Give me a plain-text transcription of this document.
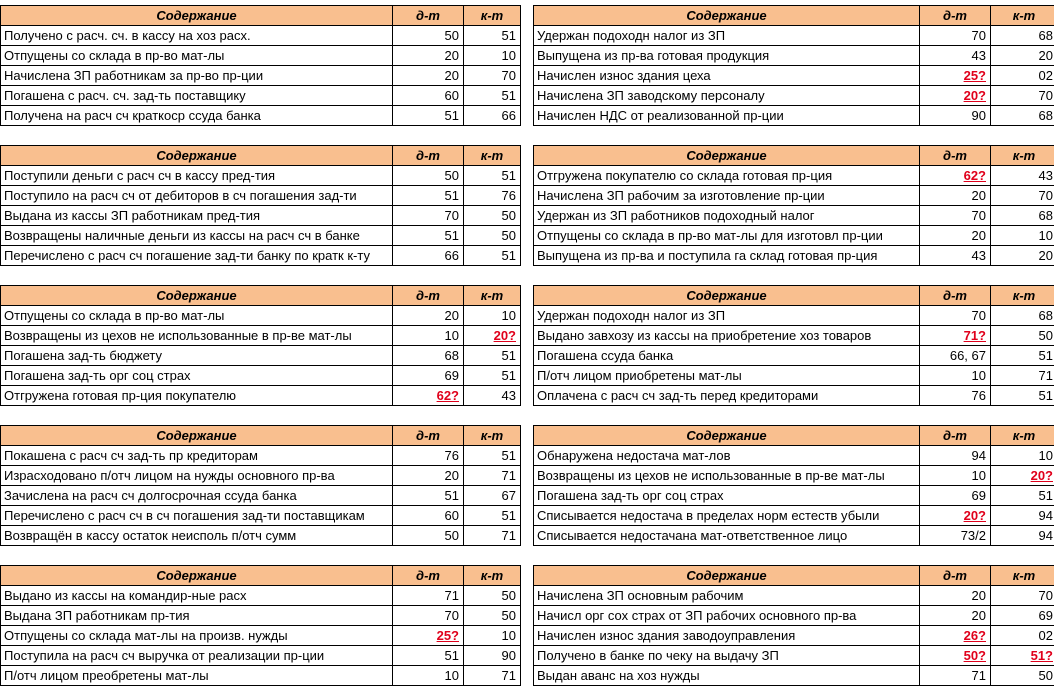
Содержание	д-т	к-т
Получено с расч. сч. в кассу на хоз расх.	50	51
Отпущены со склада в пр-во мат-лы	20	10
Начислена ЗП работникам за пр-во пр-ции	20	70
Погашена с расч. сч. зад-ть поставщику	60	51
Получена на расч сч краткоср ссуда банка	51	66
Содержание	д-т	к-т
Удержан подоходн налог из ЗП	70	68
Выпущена из пр-ва готовая продукция	43	20
Начислен износ здания цеха	25?	02
Начислена ЗП заводскому персоналу	20?	70
Начислен НДС от реализованной пр-ции	90	68
Содержание	д-т	к-т
Поступили деньги с расч сч в кассу пред-тия	50	51
Поступило на расч сч от дебиторов в сч погашения зад-ти	51	76
Выдана из кассы ЗП работникам пред-тия	70	50
Возвращены наличные деньги из кассы на расч сч в банке	51	50
Перечислено с расч сч погашение зад-ти банку по кратк к-ту	66	51
Содержание	д-т	к-т
Отгружена покупателю со склада готовая пр-ция	62?	43
Начислена ЗП рабочим за изготовление пр-ции	20	70
Удержан из ЗП работников подоходный налог	70	68
Отпущены со склада в пр-во мат-лы для изготовл пр-ции	20	10
Выпущена из пр-ва и поступила га склад готовая пр-ция	43	20
Содержание	д-т	к-т
Отпущены со склада в пр-во мат-лы	20	10
Возвращены из цехов не использованные в пр-ве мат-лы	10	20?
Погашена зад-ть бюджету	68	51
Погашена зад-ть орг соц страх	69	51
Отгружена готовая пр-ция покупателю	62?	43
Содержание	д-т	к-т
Удержан подоходн налог из ЗП	70	68
Выдано завхозу из кассы на приобретение хоз товаров	71?	50
Погашена ссуда банка	66, 67	51
П/отч лицом приобретены мат-лы	10	71
Оплачена с расч сч зад-ть перед кредиторами	76	51
Содержание	д-т	к-т
Покашена с расч сч зад-ть пр кредиторам	76	51
Израсходовано п/отч лицом на нужды основного пр-ва	20	71
Зачислена на расч сч долгосрочная ссуда банка	51	67
Перечислено с расч сч в сч погашения зад-ти поставщикам	60	51
Возвращён в кассу остаток неисполь п/отч сумм	50	71
Содержание	д-т	к-т
Обнаружена недостача мат-лов	94	10
Возвращены из цехов не использованные в пр-ве мат-лы	10	20?
Погашена зад-ть орг соц страх	69	51
Списывается недостача в пределах норм естеств убыли	20?	94
Списывается недостачана мат-ответственное лицо	73/2	94
Содержание	д-т	к-т
Выдано из кассы на командир-ные расх	71	50
Выдана ЗП работникам пр-тия	70	50
Отпущены со склада мат-лы на произв. нужды	25?	10
Поступила на расч сч выручка от реализации пр-ции	51	90
П/отч лицом преобретены мат-лы	10	71
Содержание	д-т	к-т
Начислена ЗП основным рабочим	20	70
Начисл орг сох страх от ЗП рабочих основного пр-ва	20	69
Начислен износ здания заводоуправления	26?	02
Получено в банке по чеку на выдачу ЗП	50?	51?
Выдан аванс на хоз нужды	71	50
